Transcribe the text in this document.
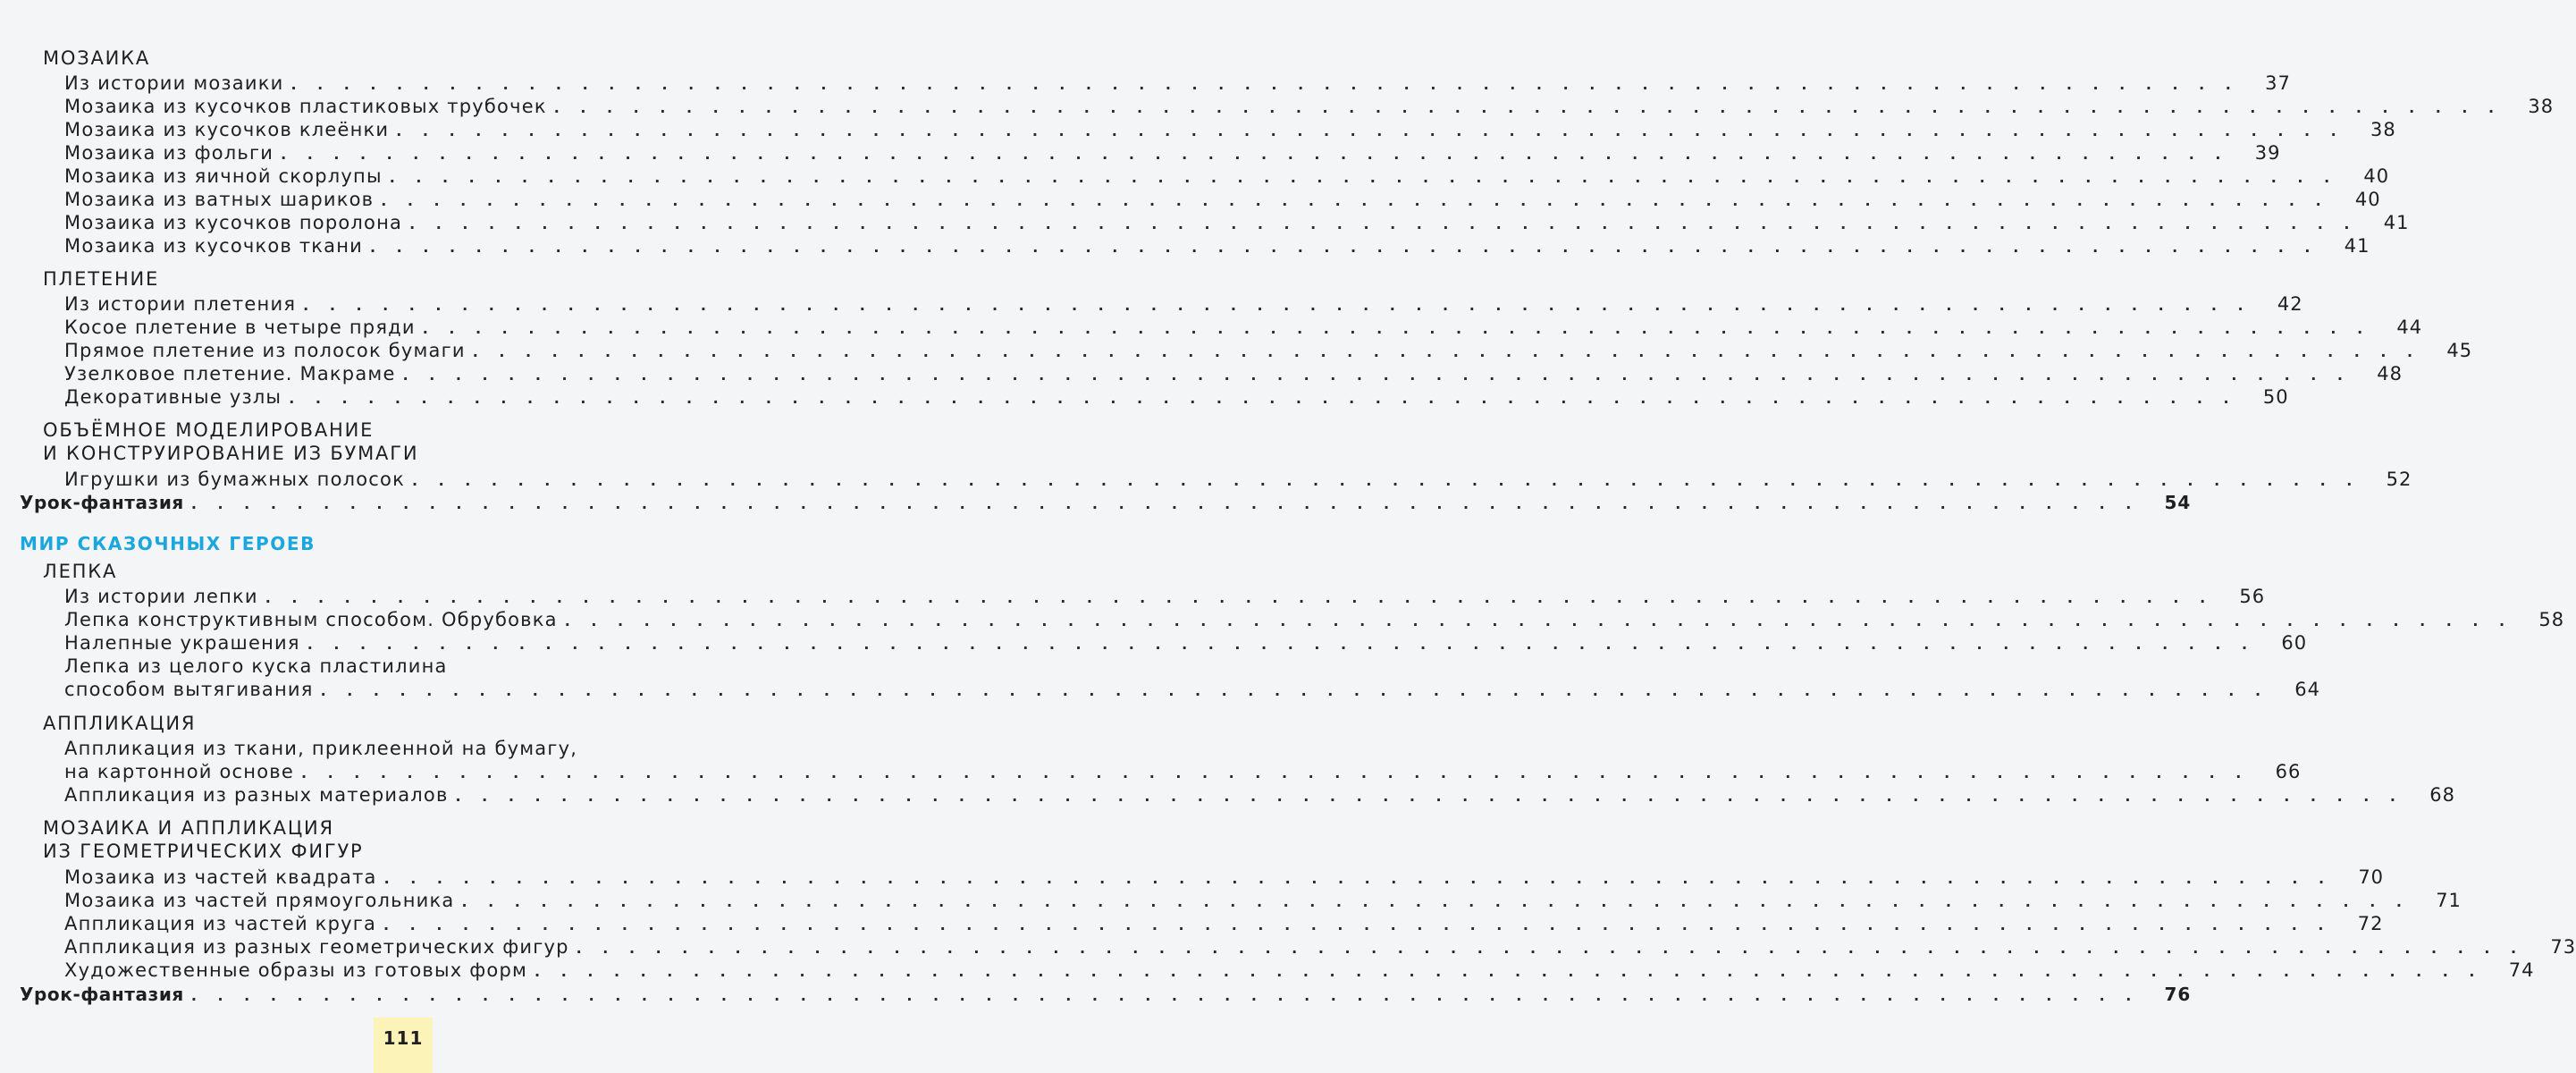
МОЗАИКА
Из истории мозаики . . .	37
Мозаика из кусочков пластиковых трубочек . . .	38
Мозаика из кусочков клеёнки . . .	38
Мозаика из фольги . . .	39
Мозаика из яичной скорлупы . . .	40
Мозаика из ватных шариков . . .	40
Мозаика из кусочков поролона . . .	41
Мозаика из кусочков ткани . . .	41
ПЛЕТЕНИЕ
Из истории плетения . . .	42
Косое плетение в четыре пряди . . .	44
Прямое плетение из полосок бумаги . . .	45
Узелковое плетение. Макраме . . .	48
Декоративные узлы . . .	50
ОБЪЁМНОЕ МОДЕЛИРОВАНИЕ
И КОНСТРУИРОВАНИЕ ИЗ БУМАГИ
Игрушки из бумажных полосок . . .	52
Урок-фантазия . . .	54
МИР СКАЗОЧНЫХ ГЕРОЕВ
ЛЕПКА
Из истории лепки . . .	56
Лепка конструктивным способом. Обрубовка . . .	58
Налепные украшения . . .	60
Лепка из целого куска пластилина
способом вытягивания . . .	64
АППЛИКАЦИЯ
Аппликация из ткани, приклеенной на бумагу,
на картонной основе . . .	66
Аппликация из разных материалов . . .	68
МОЗАИКА И АППЛИКАЦИЯ
ИЗ ГЕОМЕТРИЧЕСКИХ ФИГУР
Мозаика из частей квадрата . . .	70
Мозаика из частей прямоугольника . . .	71
Аппликация из частей круга . . .	72
Аппликация из разных геометрических фигур . . .	73
Художественные образы из готовых форм . . .	74
Урок-фантазия . . .	76
111
